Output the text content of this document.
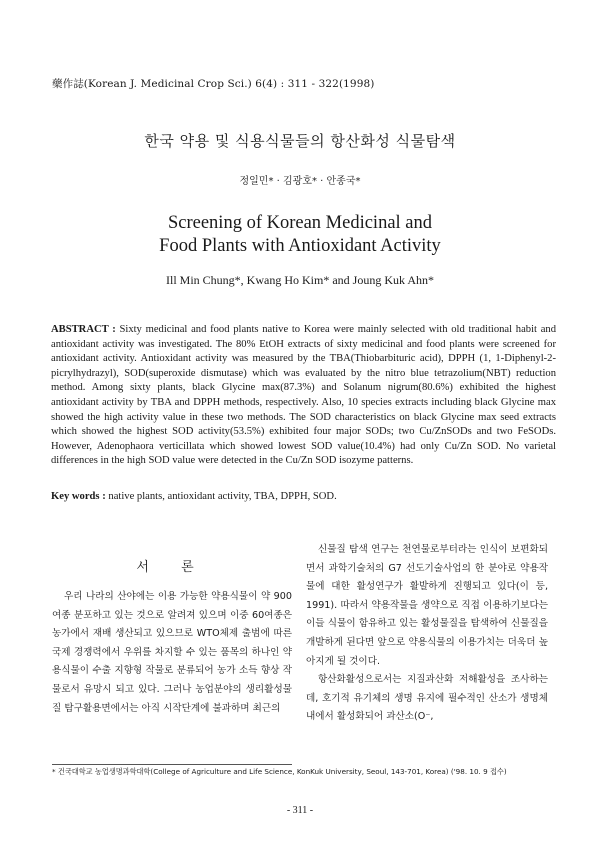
藥作誌(Korean J. Medicinal Crop Sci.) 6(4) : 311 - 322(1998)
한국 약용 및 식용식물들의 항산화성 식물탐색
정일민* · 김광호* · 안종국*
Screening of Korean Medicinal and
Food Plants with Antioxidant Activity
Ill Min Chung*, Kwang Ho Kim* and Joung Kuk Ahn*
ABSTRACT : Sixty medicinal and food plants native to Korea were mainly selected with old traditional habit and antioxidant activity was investigated. The 80% EtOH extracts of sixty medicinal and food plants were screened for antioxidant activity. Antioxidant activity was measured by the TBA(Thiobarbituric acid), DPPH (1, 1-Diphenyl-2-picrylhydrazyl), SOD(superoxide dismutase) which was evaluated by the nitro blue tetrazolium(NBT) reduction method. Among sixty plants, black Glycine max(87.3%) and Solanum nigrum(80.6%) exhibited the highest antioxidant activity by TBA and DPPH methods, respectively. Also, 10 species extracts including black Glycine max showed the high activity value in these two methods. The SOD characteristics on black Glycine max seed extracts which showed the highest SOD activity(53.5%) exhibited four major SODs; two Cu/ZnSODs and two FeSODs. However, Adenophaora verticillata which showed lowest SOD value(10.4%) had only Cu/Zn SOD. No varietal differences in the high SOD value were detected in the Cu/Zn SOD isozyme patterns.
Key words : native plants, antioxidant activity, TBA, DPPH, SOD.
서 론

우리 나라의 산야에는 이용 가능한 약용식물이 약 900여종 분포하고 있는 것으로 알려져 있으며 이중 60여종은 농가에서 재배 생산되고 있으므로 WTO체제 출범에 따른 국제 경쟁력에서 우위를 차지할 수 있는 품목의 하나인 약용식물이 수출 지향형 작물로 분류되어 농가 소득 향상 작물로서 유망시 되고 있다. 그러나 농업분야의 생리활성물질 탐구활용면에서는 아직 시작단계에 불과하며 최근의

신물질 탐색 연구는 천연물로부터라는 인식이 보편화되면서 과학기술처의 G7 선도기술사업의 한 분야로 약용작물에 대한 활성연구가 활발하게 진행되고 있다(이 등, 1991). 따라서 약용작물을 생약으로 직접 이용하기보다는 이들 식물이 함유하고 있는 활성물질을 탐색하여 신물질을 개발하게 된다면 앞으로 약용식물의 이용가치는 더욱더 높아지게 될 것이다.

항산화활성으로서는 지질과산화 저해활성을 조사하는데, 호기적 유기체의 생명 유지에 필수적인 산소가 생명체 내에서 활성화되어 과산소(O⁻,

* 건국대학교 농업생명과학대학(College of Agriculture and Life Science, KonKuk University, Seoul, 143-701, Korea) ('98. 10. 9 접수)
- 311 -
